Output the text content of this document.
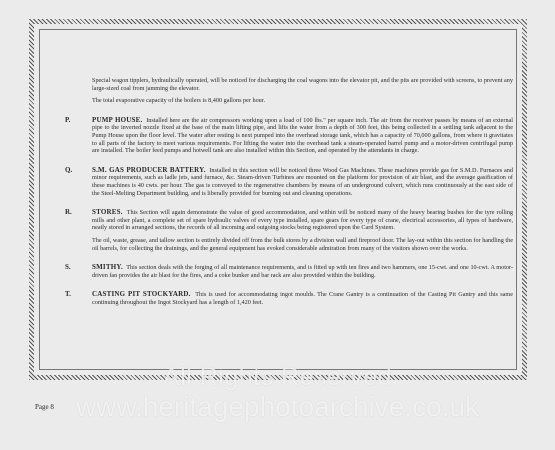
Special wagon tipplers, hydraulically operated, will be noticed for discharging the coal wagons into the elevator pit, and the pits are provided with screens, to prevent any large-sized coal from jamming the elevator.

The total evaporative capacity of the boilers is 8,400 gallons per hour.

P.	PUMP HOUSE. Installed here are the air compressors working upon a load of 100 lbs." per square inch. The air from the receiver passes by means of an external pipe to the inverted nozzle fixed at the base of the main lifting pipe, and lifts the water from a depth of 300 feet, this being collected in a settling tank adjacent to the Pump House upon the floor level. The water after resting is next pumped into the overhead storage tank, which has a capacity of 70,000 gallons, from where it gravitates to all parts of the factory to meet various requirements. For lifting the water into the overhead tank a steam-operated barrel pump and a motor-driven centrifugal pump are installed. The boiler feed pumps and hotwell tank are also installed within this Section, and operated by the attendants in charge.

Q.	S.M. GAS PRODUCER BATTERY. Installed in this section will be noticed three Wood Gas Machines. These machines provide gas for S.M.D. Furnaces and minor requirements, such as ladle jets, sand furnace, &c. Steam-driven Turbines are mounted on the platform for provision of air blast, and the average gasification of these machines is 40 cwts. per hour. The gas is conveyed to the regenerative chambers by means of an underground culvert, which runs continuously at the east side of the Steel-Melting Department building, and is liberally provided for burning out and cleaning operations.

R.	STORES. This Section will again demonstrate the value of good accommodation, and within will be noticed many of the heavy bearing bushes for the tyre rolling mills and other plant, a complete set of spare hydraulic valves of every type installed, spare gears for every type of crane, electrical accessories, all types of hardware, neatly stored in arranged sections, the records of all incoming and outgoing stocks being registered upon the Card System.

The oil, waste, grease, and tallow section is entirely divided off from the bulk stores by a division wall and fireproof door. The lay-out within this section for handling the oil barrels, for collecting the drainings, and the general equipment has evoked considerable admiration from many of the visitors shown over the works.

S.	SMITHY. This section deals with the forging of all maintenance requirements, and is fitted up with ten fires and two hammers, one 15-cwt. and one 10-cwt. A motor-driven fan provides the air blast for the fires, and a coke bunker and bar rack are also provided within the building.

T.	CASTING PIT STOCKYARD. This is used for accommodating ingot moulds. The Crane Gantry is a continuation of the Casting Pit Gantry and this same continuing throughout the Ingot Stockyard has a length of 1,420 feet.

All Rights Reserved
www.heritagephotoarchive.co.uk
Page 8
